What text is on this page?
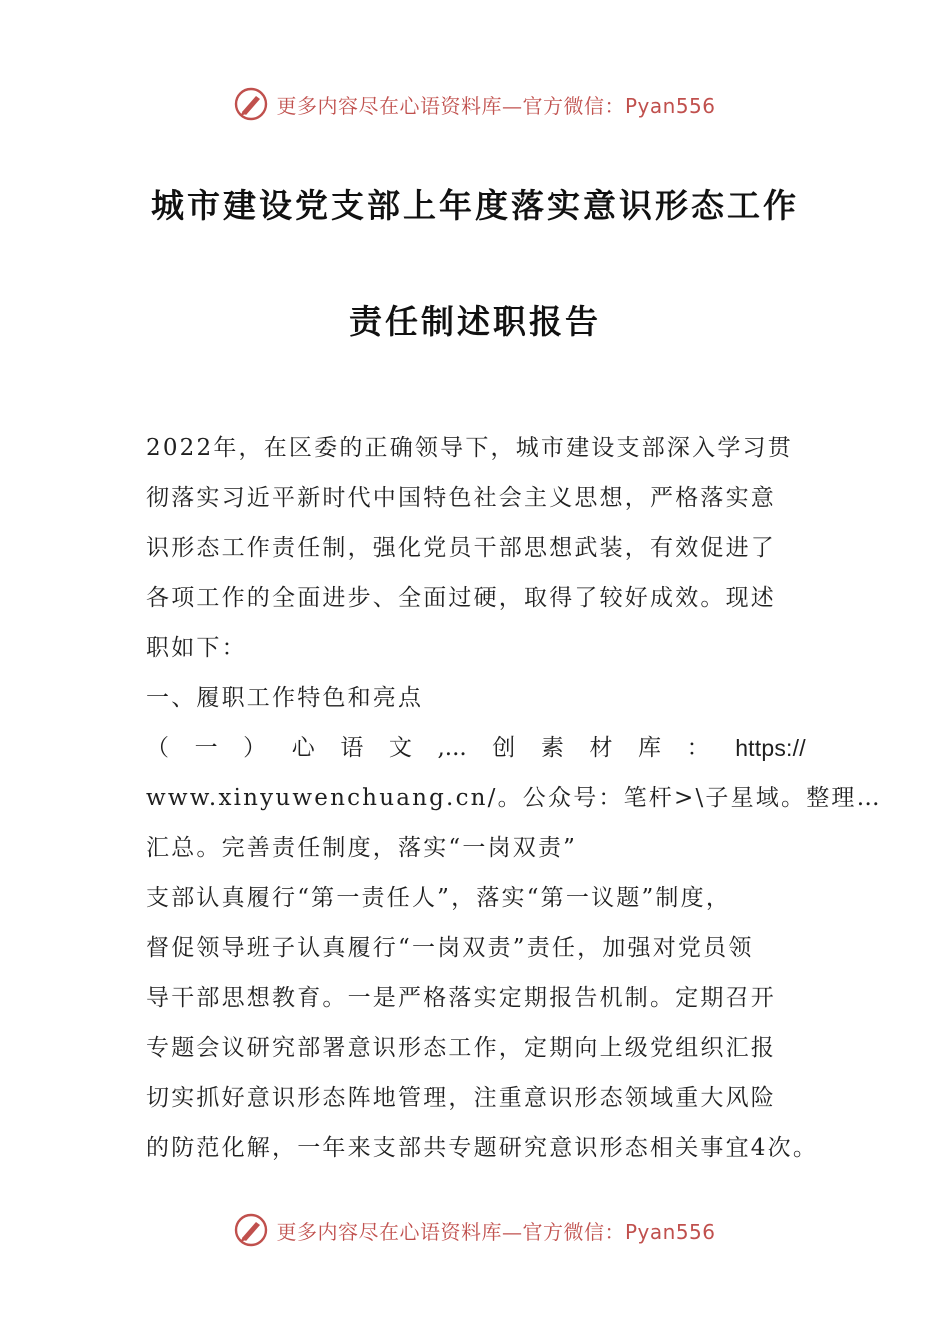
更多内容尽在心语资料库—官方微信：Pyan556
城市建设党支部上年度落实意识形态工作
责任制述职报告
2022年，在区委的正确领导下，城市建设支部深入学习贯
彻落实习近平新时代中国特色社会主义思想，严格落实意
识形态工作责任制，强化党员干部思想武装，有效促进了
各项工作的全面进步、全面过硬，取得了较好成效。现述
职如下：
一、履职工作特色和亮点
（ 一 ） 心 语 文 ,... 创 素 材 库 ： https://
www.xinyuwenchuang.cn/。公众号：笔杆>\子星域。整理…
汇总。完善责任制度，落实“一岗双责”
支部认真履行“第一责任人”，落实“第一议题”制度，
督促领导班子认真履行“一岗双责”责任，加强对党员领
导干部思想教育。一是严格落实定期报告机制。定期召开
专题会议研究部署意识形态工作，定期向上级党组织汇报
切实抓好意识形态阵地管理，注重意识形态领域重大风险
的防范化解，一年来支部共专题研究意识形态相关事宜4次。
更多内容尽在心语资料库—官方微信：Pyan556
